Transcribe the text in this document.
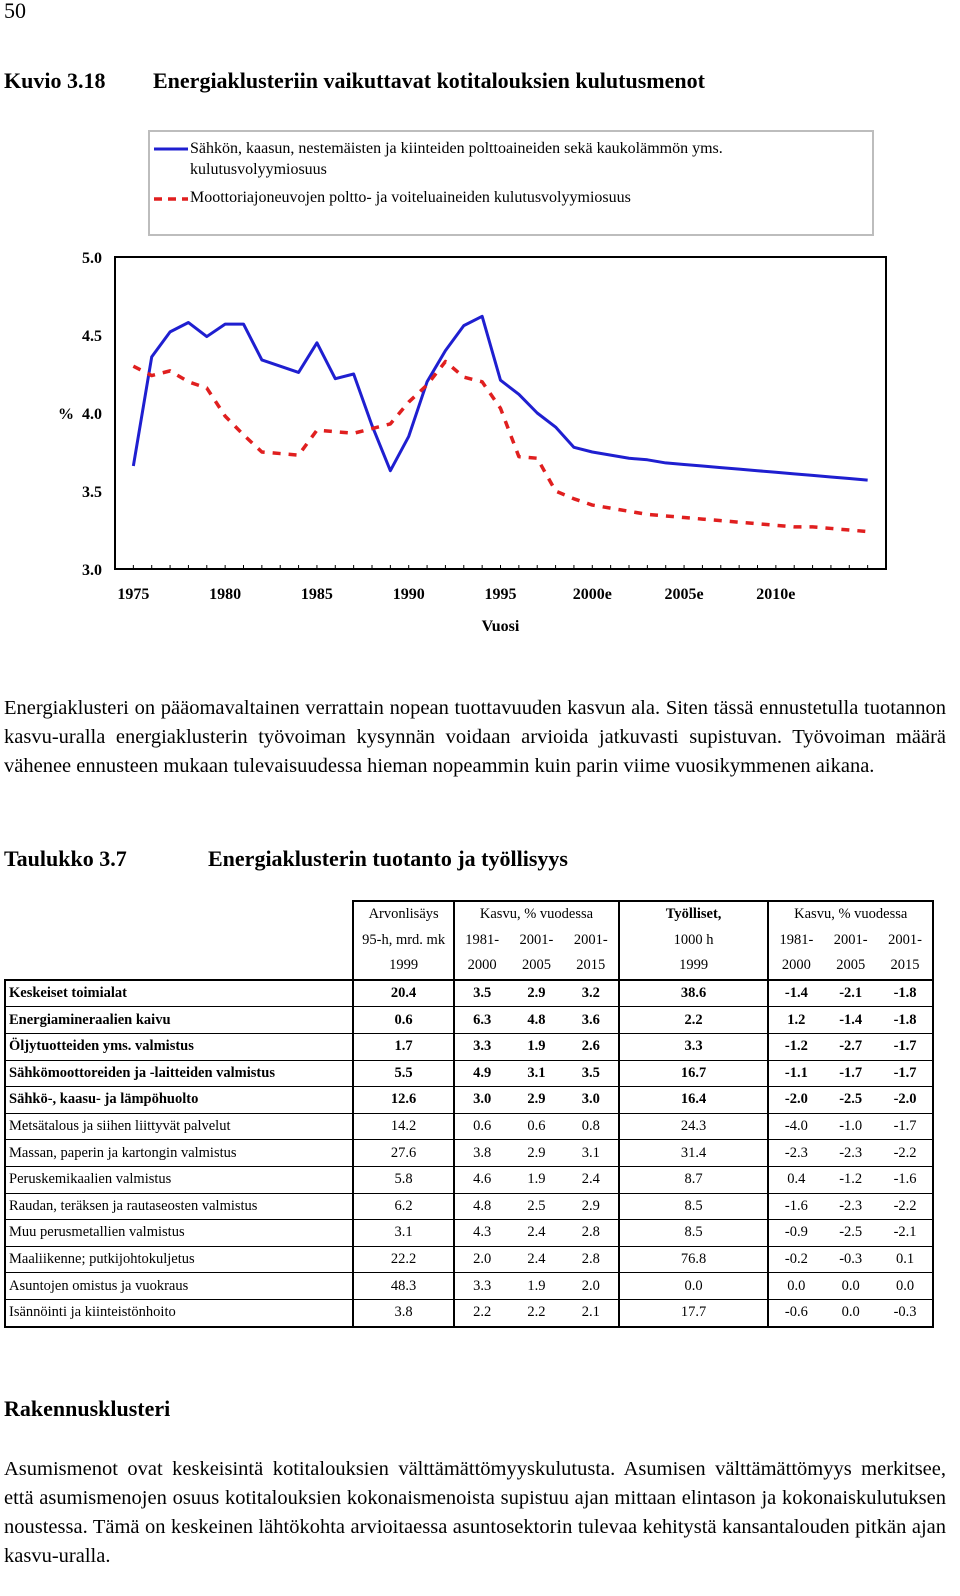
50
Kuvio 3.18 Energiaklusteriin vaikuttavat kotitalouksien kulutusmenot
Sähkön, kaasun, nestemäisten ja kiinteiden polttoaineiden sekä kaukolämmön yms. kulutusvolyymiosuus
Moottoriajoneuvojen poltto- ja voiteluaineiden kulutusvolyymiosuus
5.0
4.5
4.0
3.5
3.0
%
1975	1980	1985	1990	1995	2000e	2005e	2010e
Vuosi
Energiaklusteri on pääomavaltainen verrattain nopean tuottavuuden kasvun ala. Siten tässä ennustetulla tuotannon kasvu-uralla energiaklusterin työvoiman kysynnän voidaan arvioida jatkuvasti supistuvan. Työvoiman määrä vähenee ennusteen mukaan tulevaisuudessa hieman nopeammin kuin parin viime vuosikymmenen aikana.
Taulukko 3.7	Energiaklusterin tuotanto ja työllisyys
	Arvonlisäys	Kasvu, % vuodessa			Työlliset,	Kasvu, % vuodessa		
	95-h, mrd. mk	1981-	2001-	2001-	1000 h	1981-	2001-	2001-
	1999	2000	2005	2015	1999	2000	2005	2015
Keskeiset toimialat	20.4	3.5	2.9	3.2	38.6	-1.4	-2.1	-1.8
Energiamineraalien kaivu	0.6	6.3	4.8	3.6	2.2	1.2	-1.4	-1.8
Öljytuotteiden yms. valmistus	1.7	3.3	1.9	2.6	3.3	-1.2	-2.7	-1.7
Sähkömoottoreiden ja -laitteiden valmistus	5.5	4.9	3.1	3.5	16.7	-1.1	-1.7	-1.7
Sähkö-, kaasu- ja lämpöhuolto	12.6	3.0	2.9	3.0	16.4	-2.0	-2.5	-2.0
Metsätalous ja siihen liittyvät palvelut	14.2	0.6	0.6	0.8	24.3	-4.0	-1.0	-1.7
Massan, paperin ja kartongin valmistus	27.6	3.8	2.9	3.1	31.4	-2.3	-2.3	-2.2
Peruskemikaalien valmistus	5.8	4.6	1.9	2.4	8.7	0.4	-1.2	-1.6
Raudan, teräksen ja rautaseosten valmistus	6.2	4.8	2.5	2.9	8.5	-1.6	-2.3	-2.2
Muu perusmetallien valmistus	3.1	4.3	2.4	2.8	8.5	-0.9	-2.5	-2.1
Maaliikenne; putkijohtokuljetus	22.2	2.0	2.4	2.8	76.8	-0.2	-0.3	0.1
Asuntojen omistus ja vuokraus	48.3	3.3	1.9	2.0	0.0	0.0	0.0	0.0
Isännöinti ja kiinteistönhoito	3.8	2.2	2.2	2.1	17.7	-0.6	0.0	-0.3
Rakennusklusteri
Asumismenot ovat keskeisintä kotitalouksien välttämättömyyskulutusta. Asumisen välttämättömyys merkitsee, että asumismenojen osuus kotitalouksien kokonaismenoista supistuu ajan mittaan elintason ja kokonaiskulutuksen noustessa. Tämä on keskeinen lähtökohta arvioitaessa asuntosektorin tulevaa kehitystä kansantalouden pitkän ajan kasvu-uralla.
